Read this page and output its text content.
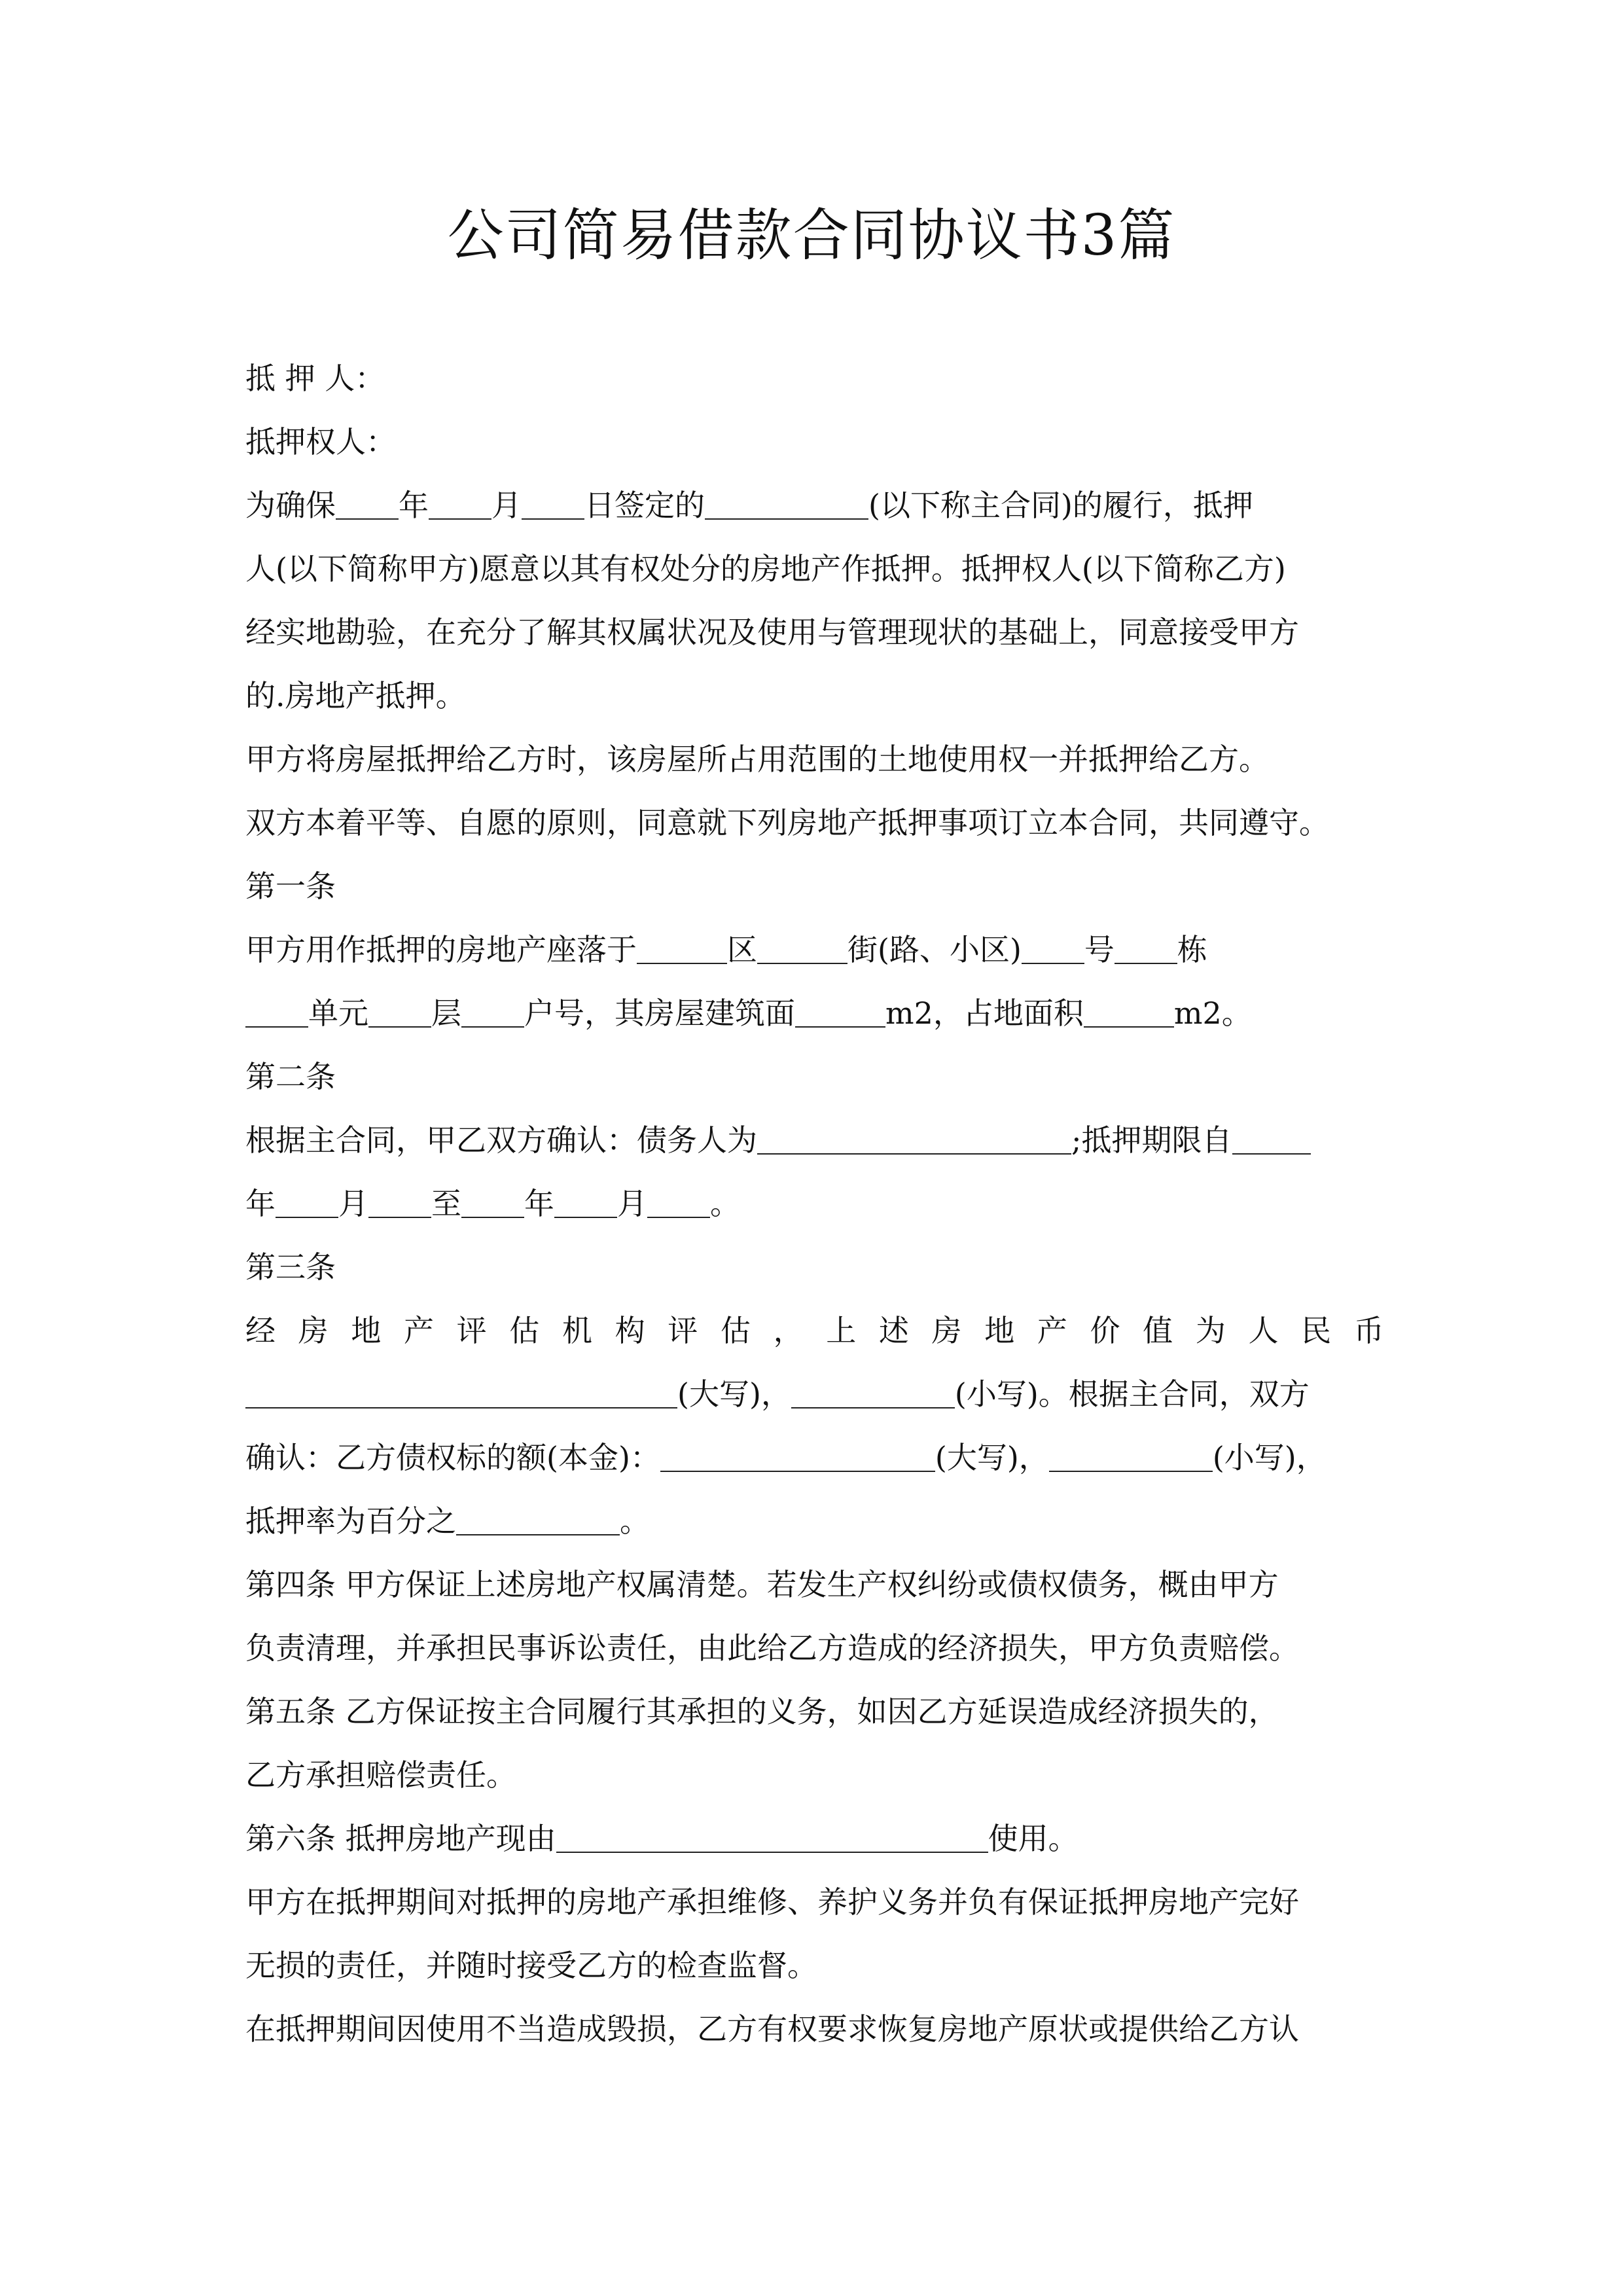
公司简易借款合同协议书3篇
抵 押 人：
抵押权人：
为确保 年 月 日签定的	(以下称主合同)的履行，抵押
人(以下简称甲方)愿意以其有权处分的房地产作抵押。抵押权人(以下简称乙方)
经实地勘验，在充分了解其权属状况及使用与管理现状的基础上，同意接受甲方
的.房地产抵押。
甲方将房屋抵押给乙方时，该房屋所占用范围的土地使用权一并抵押给乙方。
双方本着平等、自愿的原则，同意就下列房地产抵押事项订立本合同，共同遵守。
第一条
甲方用作抵押的房地产座落于	区	街(路、小区) 号 栋
单元 层 户号，其房屋建筑面	m2，占地面积	m2。
第二条
根据主合同，甲乙双方确认：债务人为	;抵押期限自
年 月 至 年 月 。
第三条
经 房 地 产 评 估 机 构 评 估 ， 上 述 房 地 产 价 值 为 人 民 币
(大写)，	(小写)。根据主合同，双方
确认：乙方债权标的额(本金)：	(大写)，	(小写)，
抵押率为百分之	。
第四条 甲方保证上述房地产权属清楚。若发生产权纠纷或债权债务，概由甲方
负责清理，并承担民事诉讼责任，由此给乙方造成的经济损失，甲方负责赔偿。
第五条 乙方保证按主合同履行其承担的义务，如因乙方延误造成经济损失的，
乙方承担赔偿责任。
第六条 抵押房地产现由	使用。
甲方在抵押期间对抵押的房地产承担维修、养护义务并负有保证抵押房地产完好
无损的责任，并随时接受乙方的检查监督。
在抵押期间因使用不当造成毁损，乙方有权要求恢复房地产原状或提供给乙方认
